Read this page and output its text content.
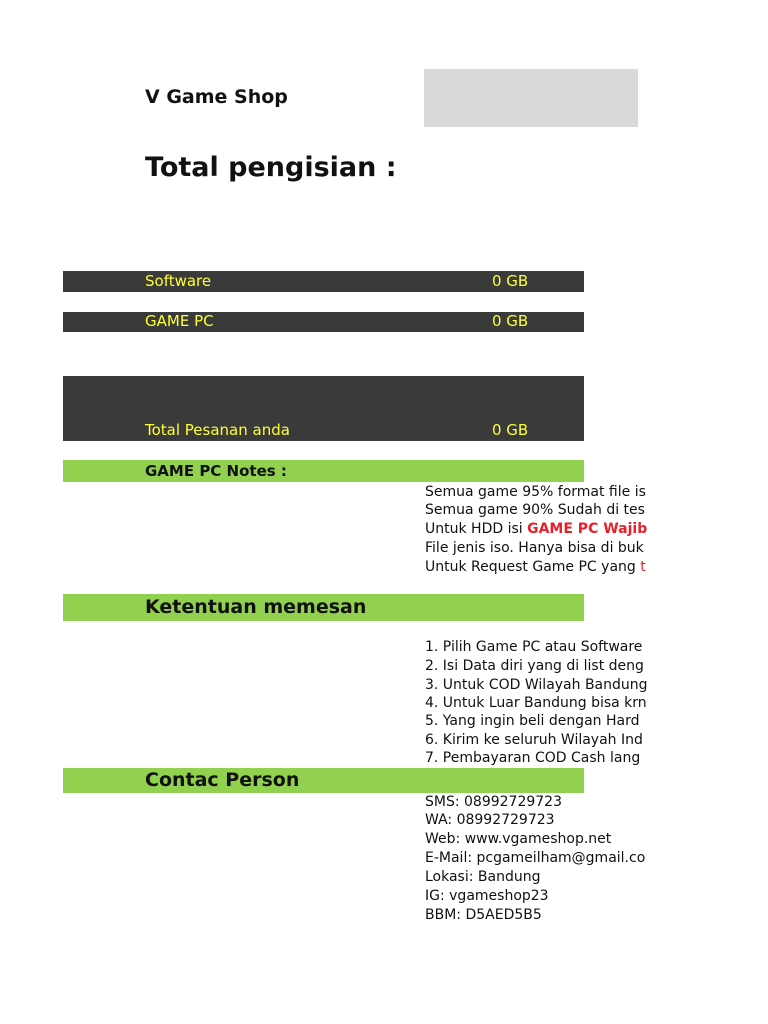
V Game Shop
Total pengisian :
Software	0 GB
GAME PC	0 GB
Total Pesanan anda	0 GB
GAME PC Notes :
Semua game 95% format file is
Semua game 90% Sudah di tes
Untuk HDD isi GAME PC Wajib
File jenis iso. Hanya bisa di buk
Untuk Request Game PC yang t
Ketentuan memesan
1. Pilih Game PC atau Software
2. Isi Data diri yang di list deng
3. Untuk COD Wilayah Bandung
4. Untuk Luar Bandung bisa krn
5. Yang ingin beli dengan Hard
6. Kirim ke seluruh Wilayah Ind
7. Pembayaran COD Cash lang
Contac Person
SMS: 08992729723
WA: 08992729723
Web: www.vgameshop.net
E-Mail: pcgameilham@gmail.co
Lokasi: Bandung
IG: vgameshop23
BBM: D5AED5B5
